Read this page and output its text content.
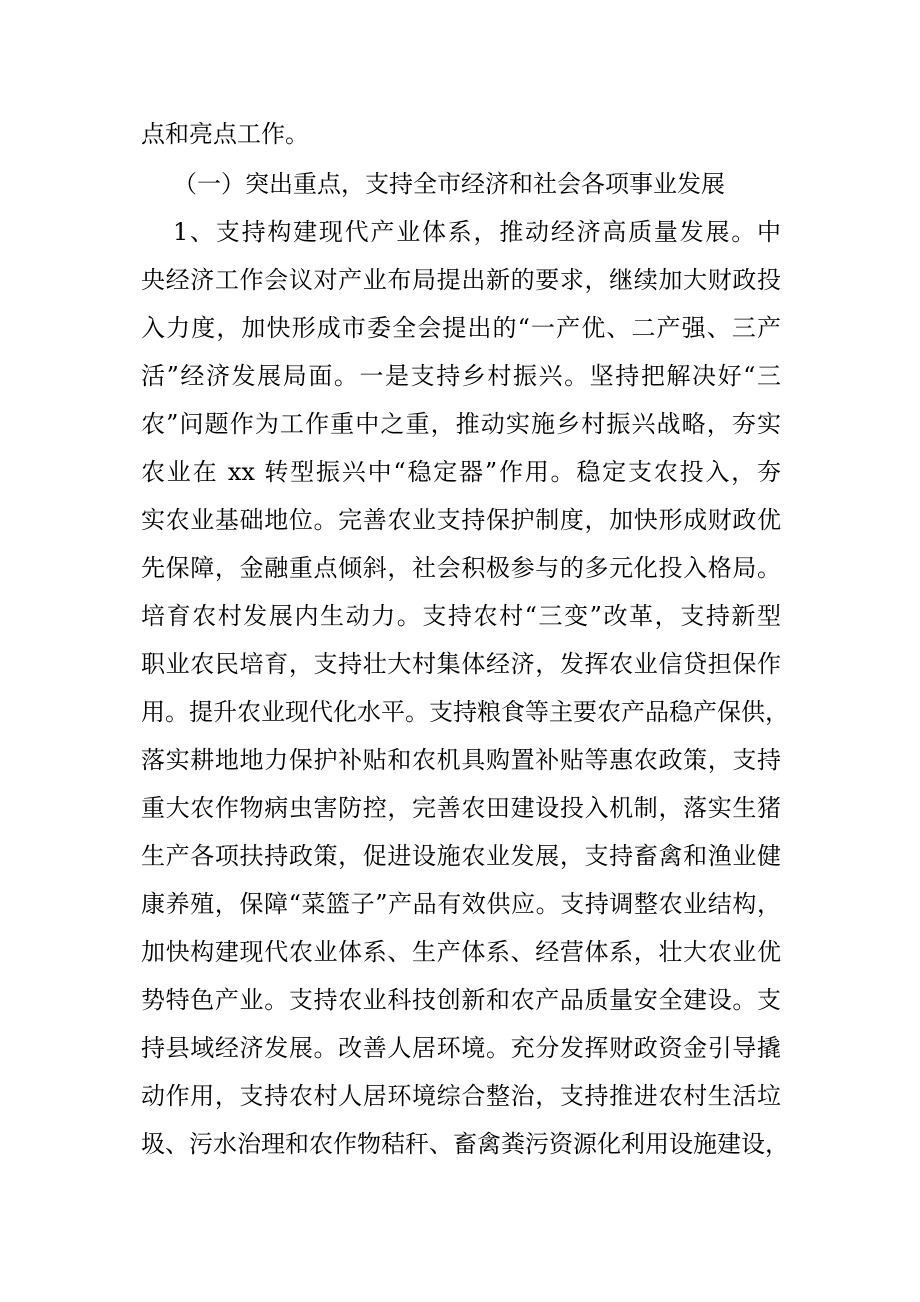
点和亮点工作。
（一）突出重点，支持全市经济和社会各项事业发展
1、支持构建现代产业体系，推动经济高质量发展。中
央经济工作会议对产业布局提出新的要求，继续加大财政投
入力度，加快形成市委全会提出的“一产优、二产强、三产
活”经济发展局面。一是支持乡村振兴。坚持把解决好“三
农”问题作为工作重中之重，推动实施乡村振兴战略，夯实
农业在 xx 转型振兴中“稳定器”作用。稳定支农投入，夯
实农业基础地位。完善农业支持保护制度，加快形成财政优
先保障，金融重点倾斜，社会积极参与的多元化投入格局。
培育农村发展内生动力。支持农村“三变”改革，支持新型
职业农民培育，支持壮大村集体经济，发挥农业信贷担保作
用。提升农业现代化水平。支持粮食等主要农产品稳产保供，
落实耕地地力保护补贴和农机具购置补贴等惠农政策，支持
重大农作物病虫害防控，完善农田建设投入机制，落实生猪
生产各项扶持政策，促进设施农业发展，支持畜禽和渔业健
康养殖，保障“菜篮子”产品有效供应。支持调整农业结构，
加快构建现代农业体系、生产体系、经营体系，壮大农业优
势特色产业。支持农业科技创新和农产品质量安全建设。支
持县域经济发展。改善人居环境。充分发挥财政资金引导撬
动作用，支持农村人居环境综合整治，支持推进农村生活垃
圾、污水治理和农作物秸秆、畜禽粪污资源化利用设施建设，
